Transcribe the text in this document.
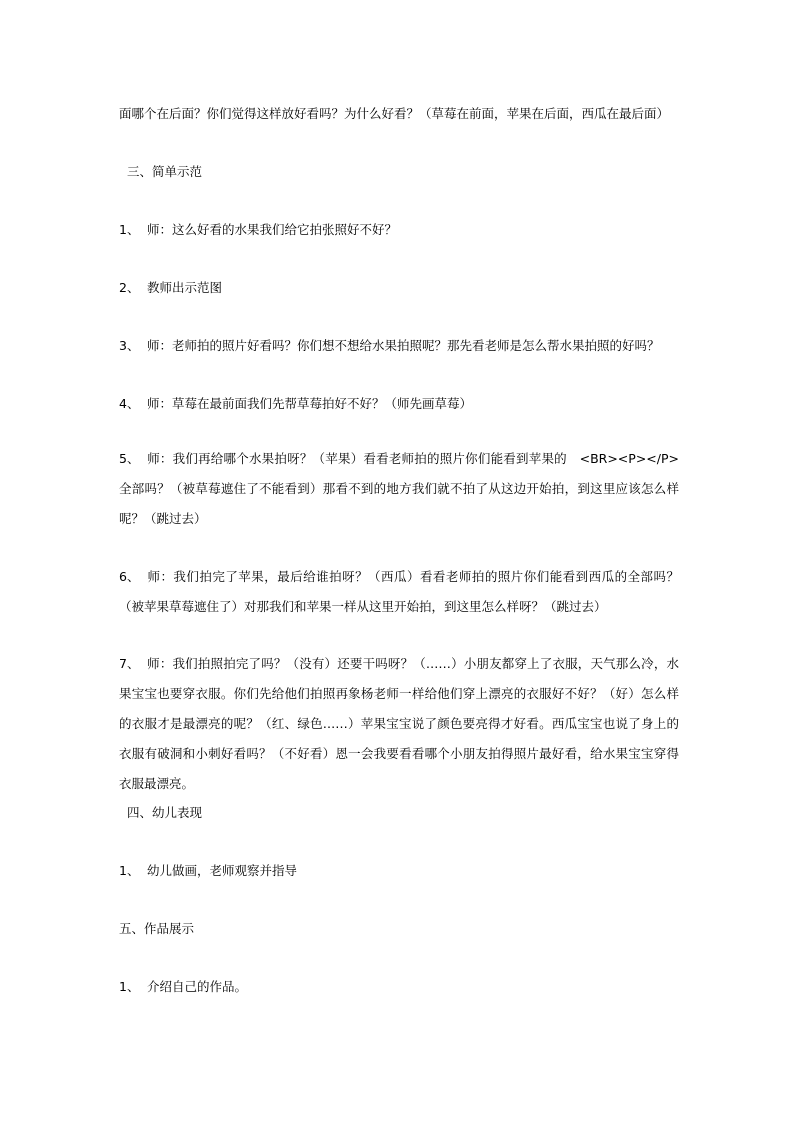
面哪个在后面？你们觉得这样放好看吗？为什么好看？（草莓在前面，苹果在后面，西瓜在最后面）
三、简单示范
1、 师：这么好看的水果我们给它拍张照好不好？
2、 教师出示范图
3、 师：老师拍的照片好看吗？你们想不想给水果拍照呢？那先看老师是怎么帮水果拍照的好吗？
4、 师：草莓在最前面我们先帮草莓拍好不好？（师先画草莓）
5、 师：我们再给哪个水果拍呀？（苹果）看看老师拍的照片你们能看到苹果的　<BR><P></P>全部吗？（被草莓遮住了不能看到）那看不到的地方我们就不拍了从这边开始拍，到这里应该怎么样呢？（跳过去）
6、 师：我们拍完了苹果，最后给谁拍呀？（西瓜）看看老师拍的照片你们能看到西瓜的全部吗？（被苹果草莓遮住了）对那我们和苹果一样从这里开始拍，到这里怎么样呀？（跳过去）
7、 师：我们拍照拍完了吗？（没有）还要干吗呀？（……）小朋友都穿上了衣服，天气那么冷，水果宝宝也要穿衣服。你们先给他们拍照再象杨老师一样给他们穿上漂亮的衣服好不好？（好）怎么样的衣服才是最漂亮的呢？（红、绿色……）苹果宝宝说了颜色要亮得才好看。西瓜宝宝也说了身上的衣服有破洞和小刺好看吗？（不好看）恩一会我要看看哪个小朋友拍得照片最好看，给水果宝宝穿得衣服最漂亮。
四、幼儿表现
1、 幼儿做画，老师观察并指导
五、作品展示
1、 介绍自己的作品。
